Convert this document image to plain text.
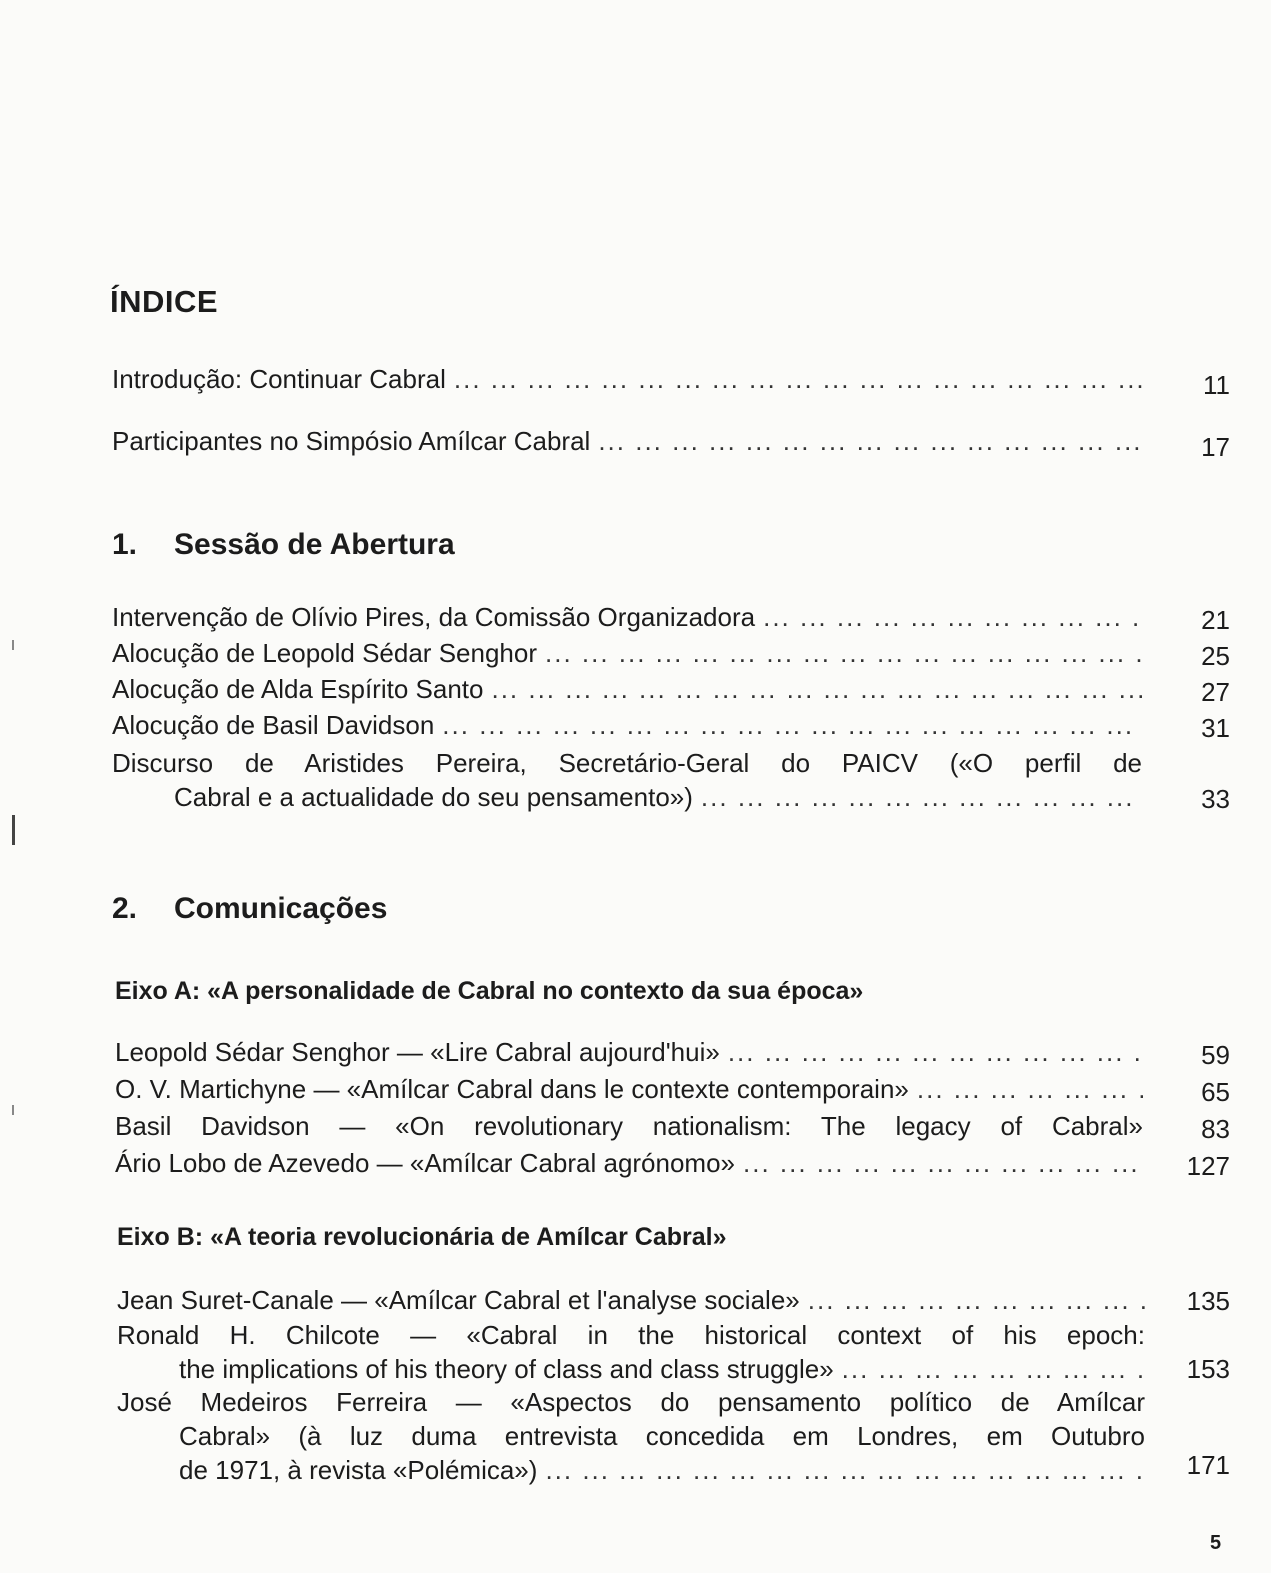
ÍNDICE
Introdução: Continuar Cabral ...	11
Participantes no Simpósio Amílcar Cabral ...	17
1. Sessão de Abertura
Intervenção de Olívio Pires, da Comissão Organizadora ...	21
Alocução de Leopold Sédar Senghor ...	25
Alocução de Alda Espírito Santo ...	27
Alocução de Basil Davidson ...	31
Discurso de Aristides Pereira, Secretário-Geral do PAICV («O perfil de
Cabral e a actualidade do seu pensamento») ...	33
2. Comunicações
Eixo A: «A personalidade de Cabral no contexto da sua época»
Leopold Sédar Senghor — «Lire Cabral aujourd'hui» ...	59
O. V. Martichyne — «Amílcar Cabral dans le contexte contemporain» ...	65
Basil Davidson — «On revolutionary nationalism: The legacy of Cabral»	83
Ário Lobo de Azevedo — «Amílcar Cabral agrónomo» ...	127
Eixo B: «A teoria revolucionária de Amílcar Cabral»
Jean Suret-Canale — «Amílcar Cabral et l'analyse sociale» ...	135
Ronald H. Chilcote — «Cabral in the historical context of his epoch:
the implications of his theory of class and class struggle» ...	153
José Medeiros Ferreira — «Aspectos do pensamento político de Amílcar
Cabral» (à luz duma entrevista concedida em Londres, em Outubro
de 1971, à revista «Polémica») ...	171
5
